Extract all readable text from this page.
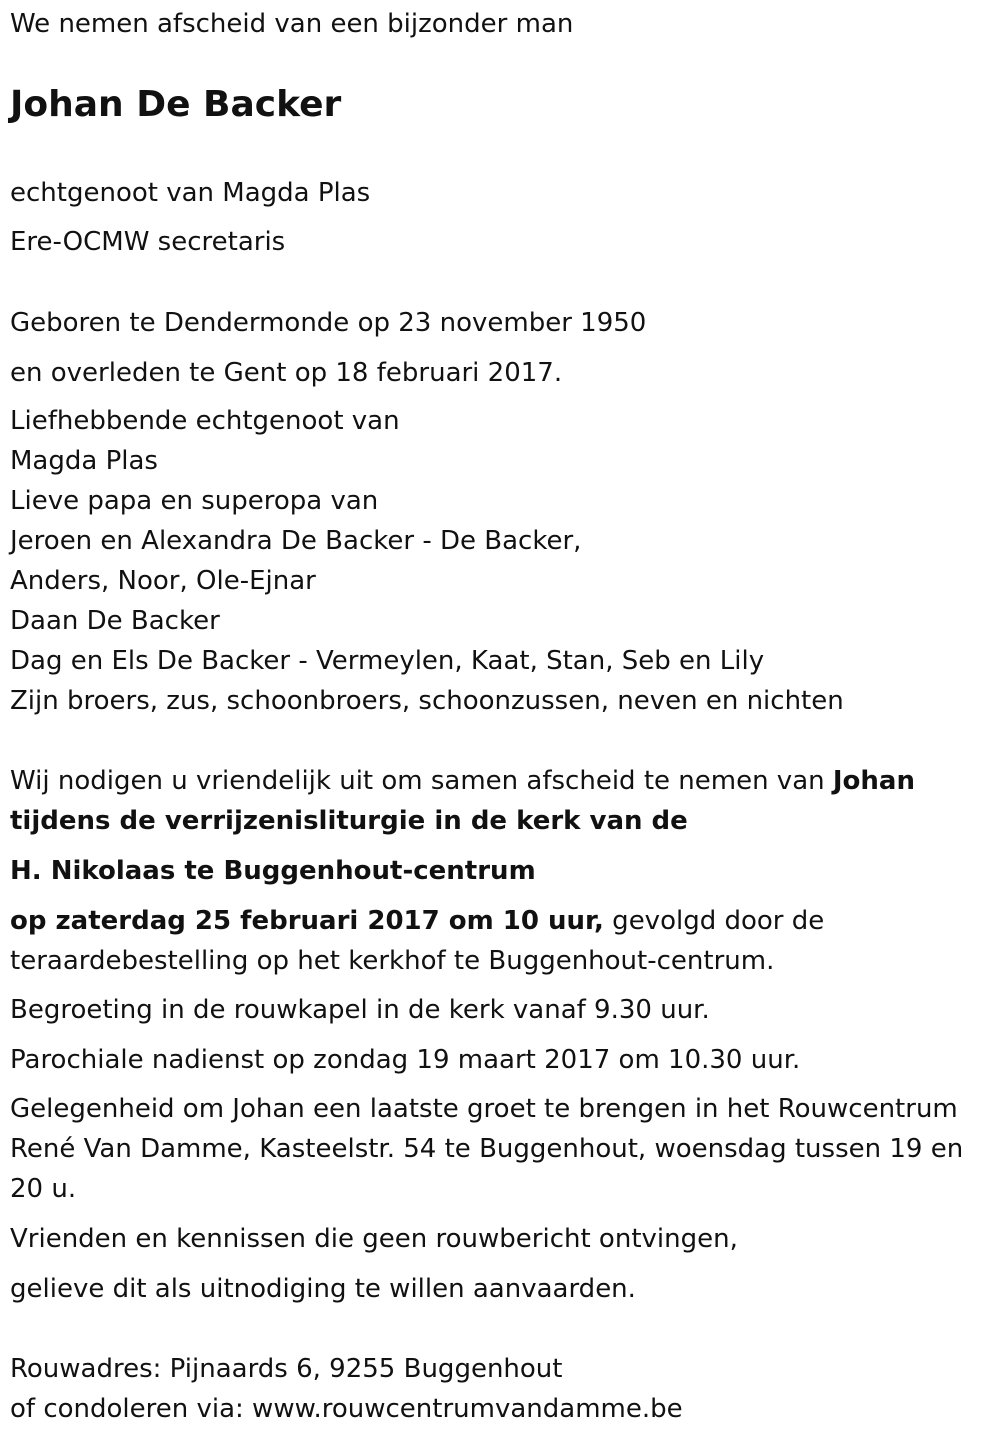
We nemen afscheid van een bijzonder man
Johan De Backer
echtgenoot van Magda Plas
Ere-OCMW secretaris
Geboren te Dendermonde op 23 november 1950
en overleden te Gent op 18 februari 2017.
Liefhebbende echtgenoot van
Magda Plas
Lieve papa en superopa van
Jeroen en Alexandra De Backer - De Backer,
Anders, Noor, Ole-Ejnar
Daan De Backer
Dag en Els De Backer - Vermeylen, Kaat, Stan, Seb en Lily
Zijn broers, zus, schoonbroers, schoonzussen, neven en nichten
Wij nodigen u vriendelijk uit om samen afscheid te nemen van Johan
tijdens de verrijzenisliturgie in de kerk van de
H. Nikolaas te Buggenhout-centrum
op zaterdag 25 februari 2017 om 10 uur, gevolgd door de
teraardebestelling op het kerkhof te Buggenhout-centrum.
Begroeting in de rouwkapel in de kerk vanaf 9.30 uur.
Parochiale nadienst op zondag 19 maart 2017 om 10.30 uur.
Gelegenheid om Johan een laatste groet te brengen in het Rouwcentrum
René Van Damme, Kasteelstr. 54 te Buggenhout, woensdag tussen 19 en
20 u.
Vrienden en kennissen die geen rouwbericht ontvingen,
gelieve dit als uitnodiging te willen aanvaarden.
Rouwadres: Pijnaards 6, 9255 Buggenhout
of condoleren via: www.rouwcentrumvandamme.be
